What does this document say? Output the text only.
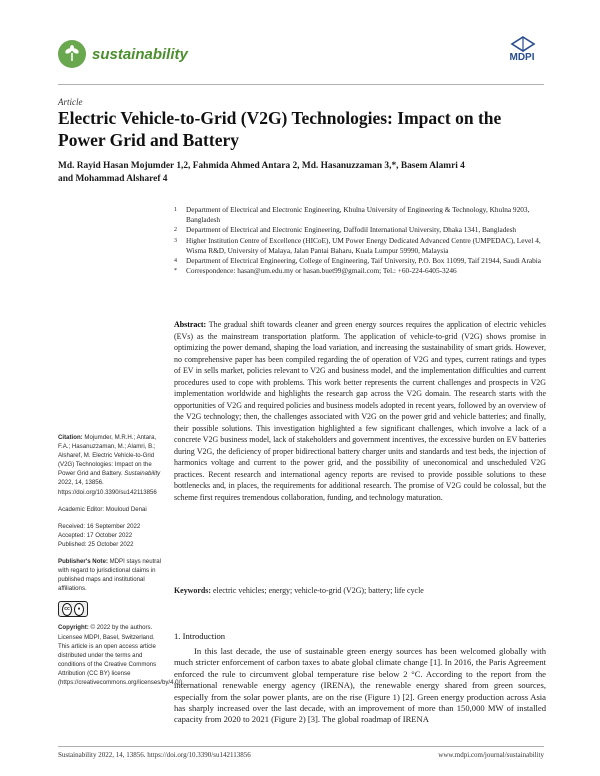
sustainability	MDPI
Article
Electric Vehicle-to-Grid (V2G) Technologies: Impact on the Power Grid and Battery
Md. Rayid Hasan Mojumder 1,2, Fahmida Ahmed Antara 2, Md. Hasanuzzaman 3,*, Basem Alamri 4
and Mohammad Alsharef 4
1	Department of Electrical and Electronic Engineering, Khulna University of Engineering & Technology, Khulna 9203, Bangladesh
2	Department of Electrical and Electronic Engineering, Daffodil International University, Dhaka 1341, Bangladesh
3	Higher Institution Centre of Excellence (HICoE), UM Power Energy Dedicated Advanced Centre (UMPEDAC), Level 4, Wisma R&D, University of Malaya, Jalan Pantai Baharu, Kuala Lumpur 59990, Malaysia
4	Department of Electrical Engineering, College of Engineering, Taif University, P.O. Box 11099, Taif 21944, Saudi Arabia
*	Correspondence: hasan@um.edu.my or hasan.buet99@gmail.com; Tel.: +60-224-6405-3246
Abstract: The gradual shift towards cleaner and green energy sources requires the application of electric vehicles (EVs) as the mainstream transportation platform. The application of vehicle-to-grid (V2G) shows promise in optimizing the power demand, shaping the load variation, and increasing the sustainability of smart grids. However, no comprehensive paper has been compiled regarding the of operation of V2G and types, current ratings and types of EV in sells market, policies relevant to V2G and business model, and the implementation difficulties and current procedures used to cope with problems. This work better represents the current challenges and prospects in V2G implementation worldwide and highlights the research gap across the V2G domain. The research starts with the opportunities of V2G and required policies and business models adopted in recent years, followed by an overview of the V2G technology; then, the challenges associated with V2G on the power grid and vehicle batteries; and finally, their possible solutions. This investigation highlighted a few significant challenges, which involve a lack of a concrete V2G business model, lack of stakeholders and government incentives, the excessive burden on EV batteries during V2G, the deficiency of proper bidirectional battery charger units and standards and test beds, the injection of harmonics voltage and current to the power grid, and the possibility of uneconomical and unscheduled V2G practices. Recent research and international agency reports are revised to provide possible solutions to these bottlenecks and, in places, the requirements for additional research. The promise of V2G could be colossal, but the scheme first requires tremendous collaboration, funding, and technology maturation.
Keywords: electric vehicles; energy; vehicle-to-grid (V2G); battery; life cycle
Citation: Mojumder, M.R.H.; Antara, F.A.; Hasanuzzaman, M.; Alamri, B.; Alsharef, M. Electric Vehicle-to-Grid (V2G) Technologies: Impact on the Power Grid and Battery. Sustainability 2022, 14, 13856. https://doi.org/10.3390/su142113856
Academic Editor: Mouloud Denai
Received: 16 September 2022
Accepted: 17 October 2022
Published: 25 October 2022
Publisher's Note: MDPI stays neutral with regard to jurisdictional claims in published maps and institutional affiliations.
cc	●
Copyright: © 2022 by the authors. Licensee MDPI, Basel, Switzerland. This article is an open access article distributed under the terms and conditions of the Creative Commons Attribution (CC BY) license (https://creativecommons.org/licenses/by/4.0/).
1. Introduction
In this last decade, the use of sustainable green energy sources has been welcomed globally with much stricter enforcement of carbon taxes to abate global climate change [1]. In 2016, the Paris Agreement enforced the rule to circumvent global temperature rise below 2 °C. According to the report from the international renewable energy agency (IRENA), the renewable energy shared from green sources, especially from the solar power plants, are on the rise (Figure 1) [2]. Green energy production across Asia has sharply increased over the last decade, with an improvement of more than 150,000 MW of installed capacity from 2020 to 2021 (Figure 2) [3]. The global roadmap of IRENA
Sustainability 2022, 14, 13856. https://doi.org/10.3390/su142113856	www.mdpi.com/journal/sustainability
